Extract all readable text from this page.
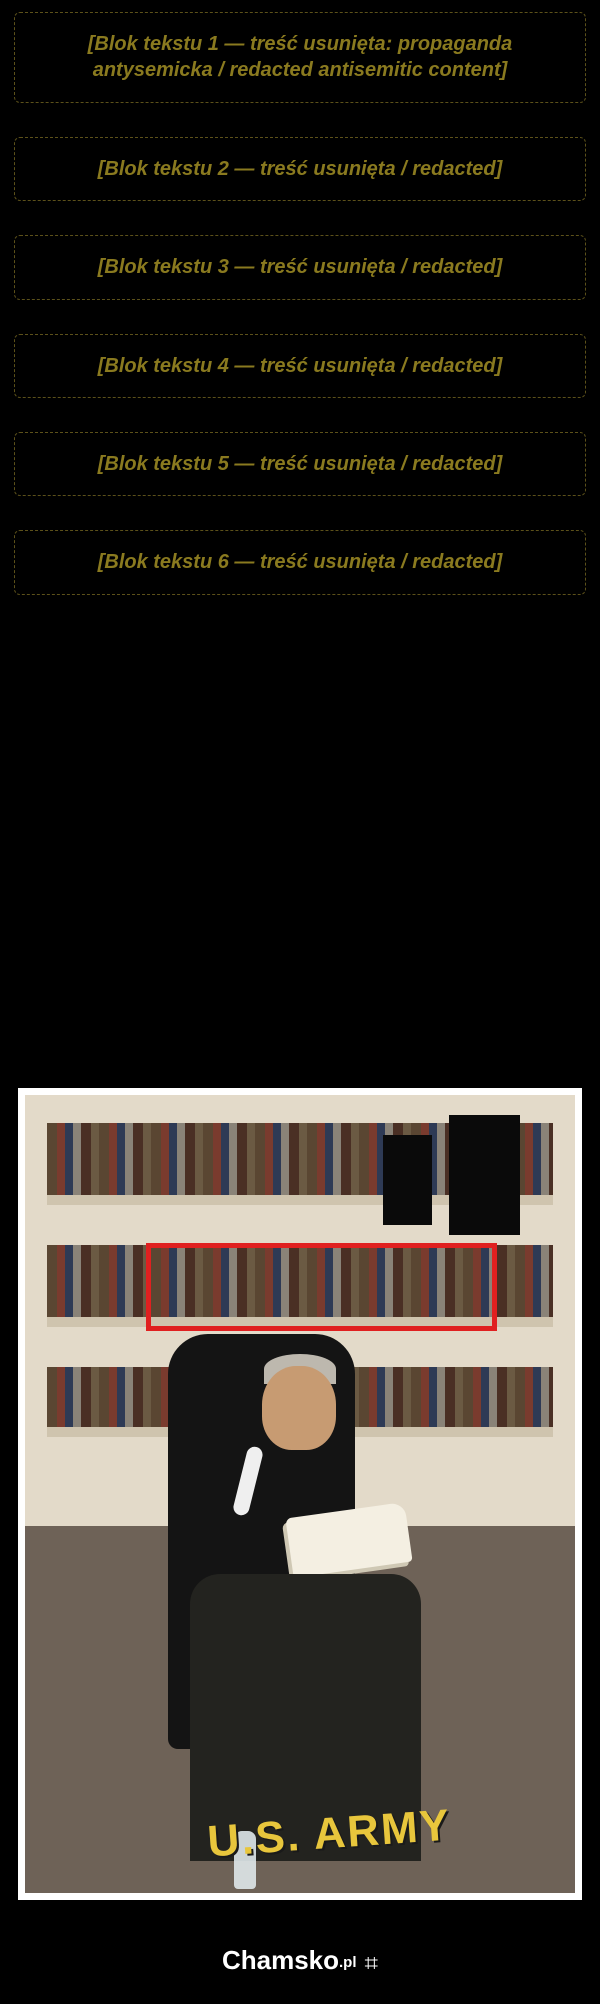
[Blok tekstu 1 — treść usunięta: propaganda antysemicka / redacted antisemitic content]

[Blok tekstu 2 — treść usunięta / redacted]

[Blok tekstu 3 — treść usunięta / redacted]

[Blok tekstu 4 — treść usunięta / redacted]

[Blok tekstu 5 — treść usunięta / redacted]

[Blok tekstu 6 — treść usunięta / redacted]

U.S. ARMY
Chamsko.pl ⌗
